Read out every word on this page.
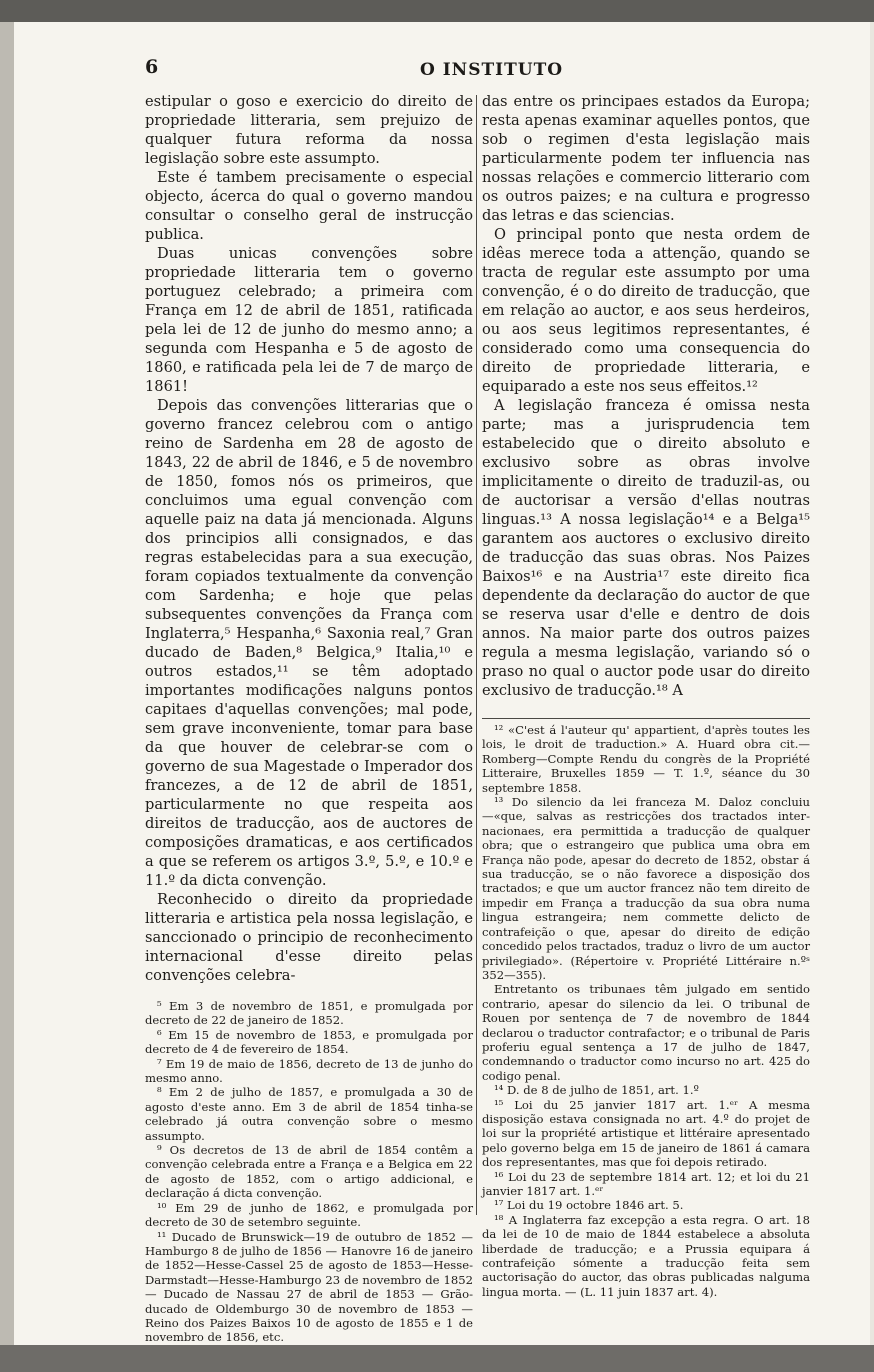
6	O INSTITUTO

estipular o goso e exercicio do direito de propriedade litteraria, sem prejuizo de qualquer futura reforma da nossa legislação sobre este assumpto.

Este é tambem precisamente o especial objecto, ácerca do qual o governo mandou consultar o conselho geral de instrucção publica.

Duas unicas convenções sobre propriedade litteraria tem o governo portuguez celebrado; a primeira com França em 12 de abril de 1851, ratificada pela lei de 12 de junho do mesmo anno; a segunda com Hespanha e 5 de agosto de 1860, e ratificada pela lei de 7 de março de 1861!

Depois das convenções litterarias que o governo francez celebrou com o antigo reino de Sardenha em 28 de agosto de 1843, 22 de abril de 1846, e 5 de novembro de 1850, fomos nós os primeiros, que concluimos uma egual convenção com aquelle paiz na data já mencionada. Alguns dos principios alli consignados, e das regras estabelecidas para a sua execução, foram copiados textualmente da convenção com Sardenha; e hoje que pelas subsequentes convenções da França com Inglaterra,⁵ Hespanha,⁶ Saxonia real,⁷ Gran ducado de Baden,⁸ Belgica,⁹ Italia,¹⁰ e outros estados,¹¹ se têm adoptado importantes modificações nalguns pontos capitaes d'aquellas convenções; mal pode, sem grave inconveniente, tomar para base da que houver de celebrar-se com o governo de sua Magestade o Imperador dos francezes, a de 12 de abril de 1851, particularmente no que respeita aos direitos de traducção, aos de auctores de composições dramaticas, e aos certificados a que se referem os artigos 3.º, 5.º, e 10.º e 11.º da dicta convenção.

Reconhecido o direito da propriedade litteraria e artistica pela nossa legislação, e sanccionado o principio de reconhecimento internacional d'esse direito pelas convenções celebra-

⁵ Em 3 de novembro de 1851, e promulgada por decreto de 22 de janeiro de 1852.

⁶ Em 15 de novembro de 1853, e promulgada por decreto de 4 de fevereiro de 1854.

⁷ Em 19 de maio de 1856, decreto de 13 de junho do mesmo anno.

⁸ Em 2 de julho de 1857, e promulgada a 30 de agosto d'este anno. Em 3 de abril de 1854 tinha-se celebrado já outra convenção sobre o mesmo assumpto.

⁹ Os decretos de 13 de abril de 1854 contêm a convenção celebrada entre a França e a Belgica em 22 de agosto de 1852, com o artigo addicional, e declaração á dicta convenção.

¹⁰ Em 29 de junho de 1862, e promulgada por decreto de 30 de setembro seguinte.

¹¹ Ducado de Brunswick—19 de outubro de 1852 — Hamburgo 8 de julho de 1856 — Hanovre 16 de janeiro de 1852—Hesse-Cassel 25 de agosto de 1853—Hesse-Darmstadt—Hesse-Hamburgo 23 de novembro de 1852 — Ducado de Nassau 27 de abril de 1853 — Grão-ducado de Oldemburgo 30 de novembro de 1853 —Reino dos Paizes Baixos 10 de agosto de 1855 e 1 de novembro de 1856, etc.

das entre os principaes estados da Europa; resta apenas examinar aquelles pontos, que sob o regimen d'esta legislação mais particularmente podem ter influencia nas nossas relações e commercio litterario com os outros paizes; e na cultura e progresso das letras e das sciencias.

O principal ponto que nesta ordem de idêas merece toda a attenção, quando se tracta de regular este assumpto por uma convenção, é o do direito de traducção, que em relação ao auctor, e aos seus herdeiros, ou aos seus legitimos representantes, é considerado como uma consequencia do direito de propriedade litteraria, e equiparado a este nos seus effeitos.¹²

A legislação franceza é omissa nesta parte; mas a jurisprudencia tem estabelecido que o direito absoluto e exclusivo sobre as obras involve implicitamente o direito de traduzil-as, ou de auctorisar a versão d'ellas noutras linguas.¹³ A nossa legislação¹⁴ e a Belga¹⁵ garantem aos auctores o exclusivo direito de traducção das suas obras. Nos Paizes Baixos¹⁶ e na Austria¹⁷ este direito fica dependente da declaração do auctor de que se reserva usar d'elle e dentro de dois annos. Na maior parte dos outros paizes regula a mesma legislação, variando só o praso no qual o auctor pode usar do direito exclusivo de traducção.¹⁸ A

¹² «C'est á l'auteur qu' appartient, d'après toutes les lois, le droit de traduction.» A. Huard obra cit.— Romberg—Compte Rendu du congrès de la Propriété Litteraire, Bruxelles 1859 — T. 1.º, séance du 30 septembre 1858.

¹³ Do silencio da lei franceza M. Daloz concluiu —«que, salvas as restricções dos tractados inter-nacionaes, era permittida a traducção de qualquer obra; que o estrangeiro que publica uma obra em França não pode, apesar do decreto de 1852, obstar á sua traducção, se o não favorece a disposição dos tractados; e que um auctor francez não tem direito de impedir em França a traducção da sua obra numa lingua estrangeira; nem commette delicto de contrafeição o que, apesar do direito de edição concedido pelos tractados, traduz o livro de um auctor privilegiado». (Répertoire v. Propriété Littéraire n.ºˢ 352—355).

Entretanto os tribunaes têm julgado em sentido contrario, apesar do silencio da lei. O tribunal de Rouen por sentença de 7 de novembro de 1844 declarou o traductor contrafactor; e o tribunal de Paris proferiu egual sentença a 17 de julho de 1847, condemnando o traductor como incurso no art. 425 do codigo penal.

¹⁴ D. de 8 de julho de 1851, art. 1.º

¹⁵ Loi du 25 janvier 1817 art. 1.ᵉʳ A mesma disposição estava consignada no art. 4.º do projet de loi sur la propriété artistique et littéraire apresentado pelo governo belga em 15 de janeiro de 1861 á camara dos representantes, mas que foi depois retirado.

¹⁶ Loi du 23 de septembre 1814 art. 12; et loi du 21 janvier 1817 art. 1.ᵉʳ

¹⁷ Loi du 19 octobre 1846 art. 5.

¹⁸ A Inglaterra faz excepção a esta regra. O art. 18 da lei de 10 de maio de 1844 estabelece a absoluta liberdade de traducção; e a Prussia equipara á contrafeição sómente a traducção feita sem auctorisação do auctor, das obras publicadas nalguma lingua morta. — (L. 11 juin 1837 art. 4).
